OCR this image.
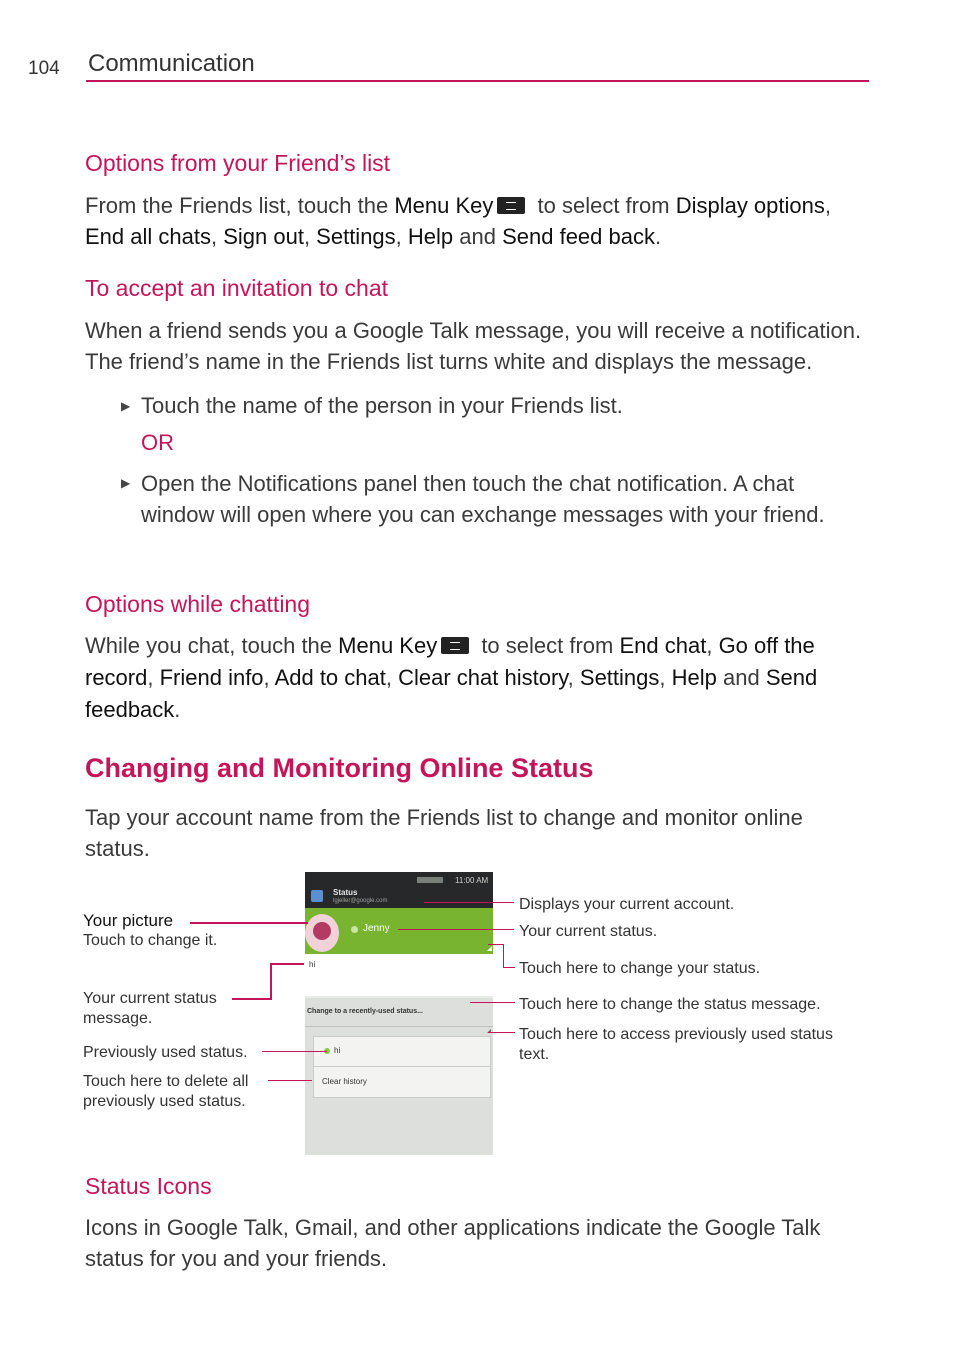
104 Communication
Options from your Friend’s list
From the Friends list, touch the Menu Key to select from Display options, End all chats, Sign out, Settings, Help and Send feed back.
To accept an invitation to chat
When a friend sends you a Google Talk message, you will receive a notification. The friend’s name in the Friends list turns white and displays the message.
▶ Touch the name of the person in your Friends list.
OR
▶ Open the Notifications panel then touch the chat notification. A chat window will open where you can exchange messages with your friend.
Options while chatting
While you chat, touch the Menu Key to select from End chat, Go off the record, Friend info, Add to chat, Clear chat history, Settings, Help and Send feedback.
Changing and Monitoring Online Status
Tap your account name from the Friends list to change and monitor online status.
11:00 AM
Status
lgjeller@google.com
Jenny
hi
Change to a recently-used status...
hi
Clear history
Your picture
Touch to change it.
Your current status message.
Previously used status.
Touch here to delete all previously used status.
Displays your current account.
Your current status.
Touch here to change your status.
Touch here to change the status message.
Touch here to access previously used status text.
Status Icons
Icons in Google Talk, Gmail, and other applications indicate the Google Talk status for you and your friends.
